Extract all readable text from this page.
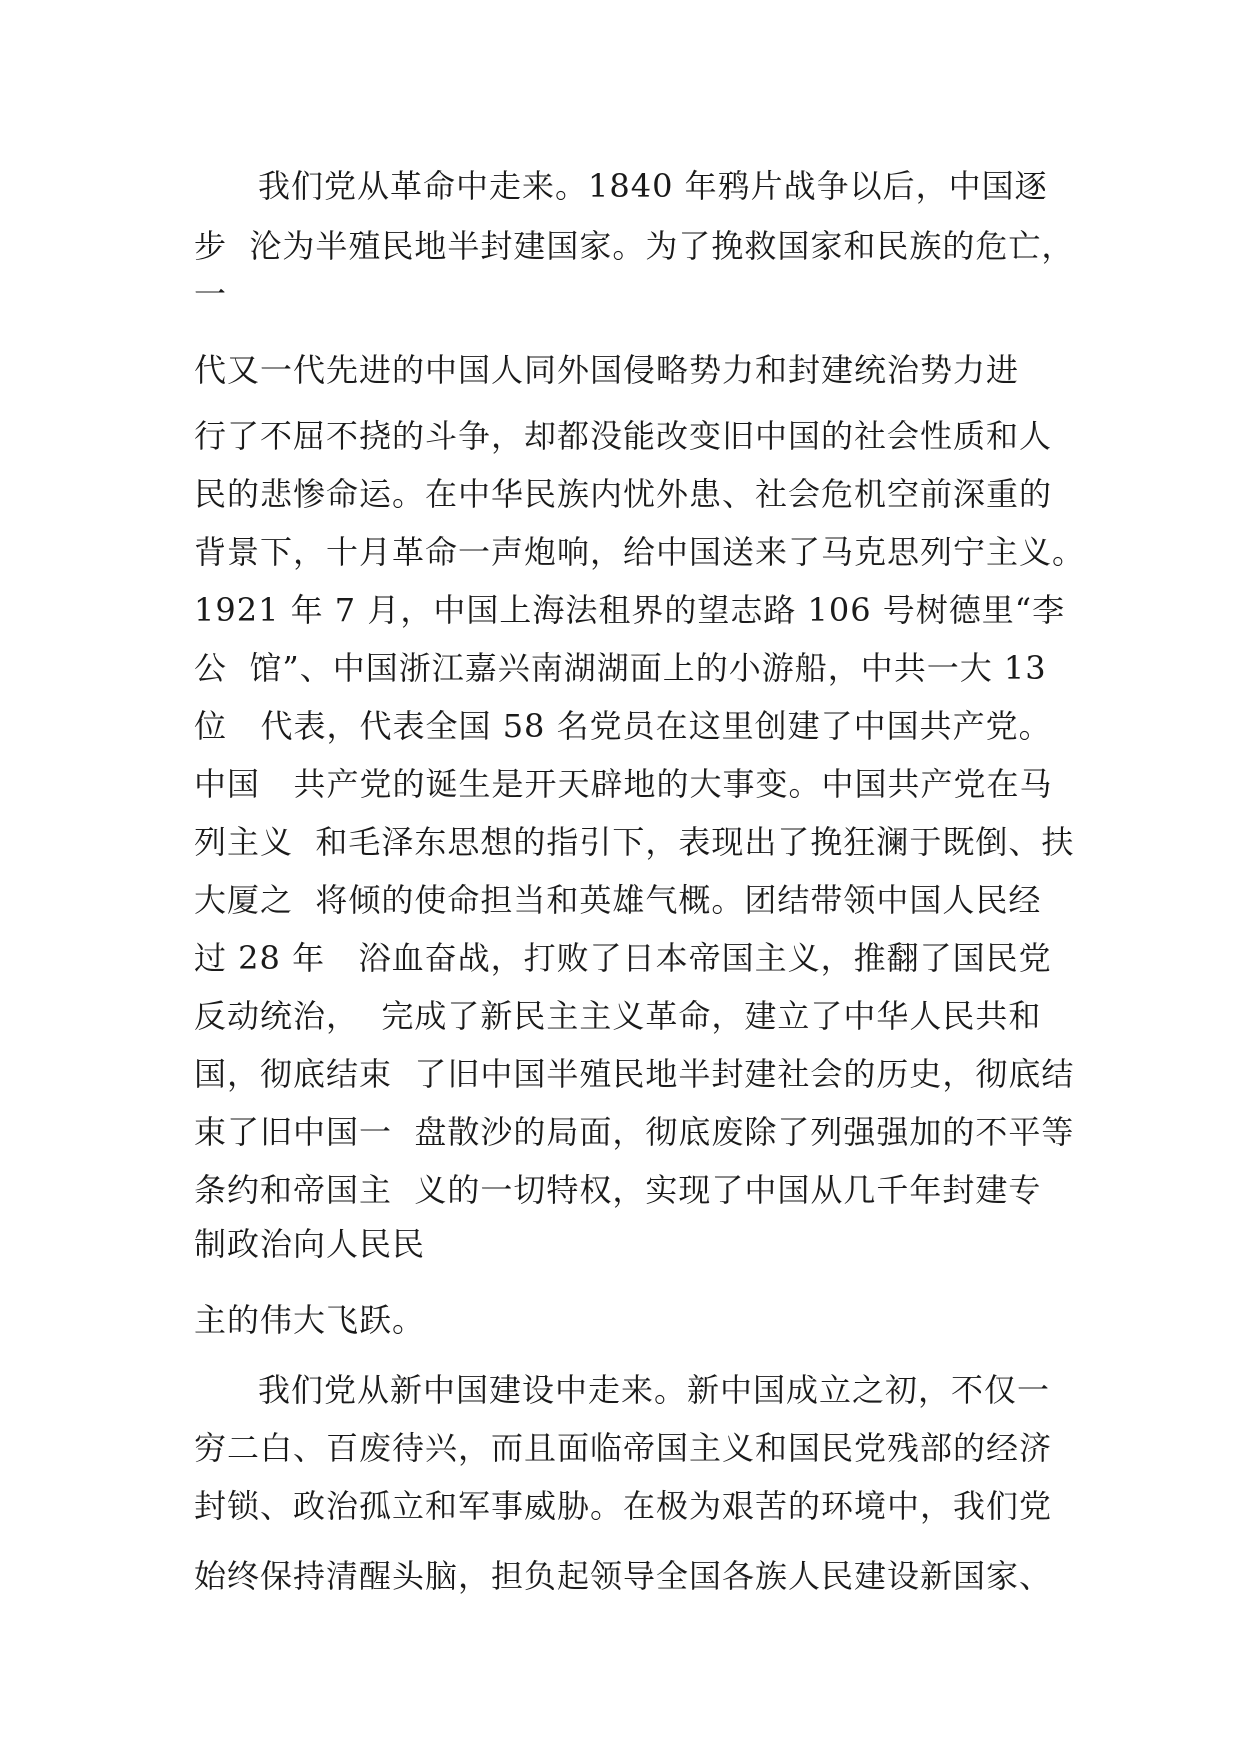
我们党从革命中走来。1840 年鸦片战争以后，中国逐
步  沦为半殖民地半封建国家。为了挽救国家和民族的危亡，
一
代又一代先进的中国人同外国侵略势力和封建统治势力进
行了不屈不挠的斗争，却都没能改变旧中国的社会性质和人
民的悲惨命运。在中华民族内忧外患、社会危机空前深重的
背景下，十月革命一声炮响，给中国送来了马克思列宁主义。
1921 年 7 月，中国上海法租界的望志路 106 号树德里“李
公  馆”、中国浙江嘉兴南湖湖面上的小游船，中共一大 13
位   代表，代表全国 58 名党员在这里创建了中国共产党。
中国   共产党的诞生是开天辟地的大事变。中国共产党在马
列主义  和毛泽东思想的指引下，表现出了挽狂澜于既倒、扶
大厦之  将倾的使命担当和英雄气概。团结带领中国人民经
过 28 年   浴血奋战，打败了日本帝国主义，推翻了国民党
反动统治，  完成了新民主主义革命，建立了中华人民共和
国，彻底结束  了旧中国半殖民地半封建社会的历史，彻底结
束了旧中国一  盘散沙的局面，彻底废除了列强强加的不平等
条约和帝国主  义的一切特权，实现了中国从几千年封建专
制政治向人民民
主的伟大飞跃。
我们党从新中国建设中走来。新中国成立之初，不仅一
穷二白、百废待兴，而且面临帝国主义和国民党残部的经济
封锁、政治孤立和军事威胁。在极为艰苦的环境中，我们党
始终保持清醒头脑，担负起领导全国各族人民建设新国家、
